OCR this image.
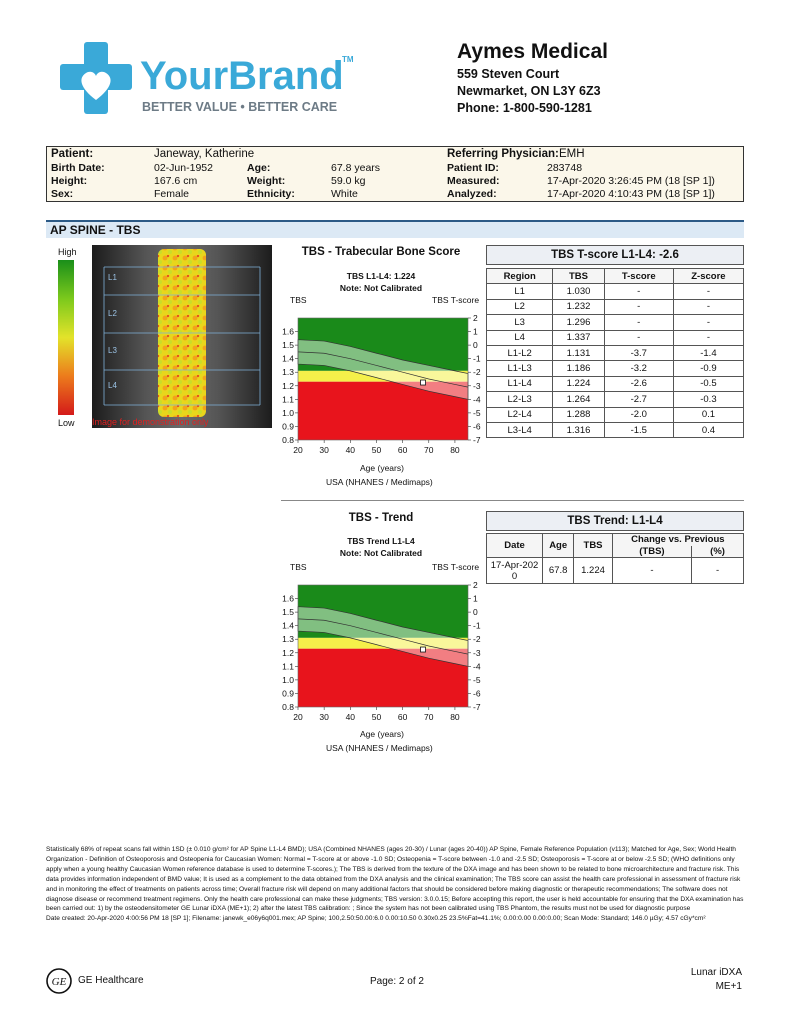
YourBrand
TM
BETTER VALUE • BETTER CARE
Aymes Medical
559 Steven Court
Newmarket, ON L3Y 6Z3
Phone: 1-800-590-1281
Patient:	Janeway, Katherine
Birth Date:	02-Jun-1952	Age:	67.8 years
Height:	167.6 cm	Weight:	59.0 kg
Sex:	Female	Ethnicity:	White
Referring Physician: EMH
Patient ID:	283748
Measured:	17-Apr-2020 3:26:45 PM (18 [SP 1])
Analyzed:	17-Apr-2020 4:10:43 PM (18 [SP 1])
AP SPINE - TBS
High
Low
L1
L2
L3
L4
Image for demonstration only
TBS - Trabecular Bone Score
TBS L1-L4: 1.224
Note: Not Calibrated
TBS	TBS T-score
20 30 40 50 60 70 80
0.8
0.9
1.0
1.1
1.2
1.3
1.4
1.5
1.6
-7
-6
-5
-4
-3
-2
-1
0
1
2
Age (years)
USA (NHANES / Medimaps)
TBS T-score L1-L4: -2.6
Region	TBS	T-score	Z-score
L1	1.030	-	-
L2	1.232	-	-
L3	1.296	-	-
L4	1.337	-	-
L1-L2	1.131	-3.7	-1.4
L1-L3	1.186	-3.2	-0.9
L1-L4	1.224	-2.6	-0.5
L2-L3	1.264	-2.7	-0.3
L2-L4	1.288	-2.0	0.1
L3-L4	1.316	-1.5	0.4
TBS - Trend
TBS Trend L1-L4
Note: Not Calibrated
TBS	TBS T-score
20 30 40 50 60 70 80
0.8
0.9
1.0
1.1
1.2
1.3
1.4
1.5
1.6
-7
-6
-5
-4
-3
-2
-1
0
1
2
Age (years)
USA (NHANES / Medimaps)
TBS Trend: L1-L4
Date	Age	TBS	Change vs. Previous	
			(TBS)	(%)
17-Apr-2020	67.8	1.224	-	-
Statistically 68% of repeat scans fall within 1SD (± 0.010 g/cm² for AP Spine L1-L4 BMD); USA (Combined NHANES (ages 20-30) / Lunar (ages 20-40)) AP Spine, Female Reference Population (v113); Matched for Age, Sex; World Health Organization - Definition of Osteoporosis and Osteopenia for Caucasian Women: Normal = T-score at or above -1.0 SD; Osteopenia = T-score between -1.0 and -2.5 SD; Osteoporosis = T-score at or below -2.5 SD; (WHO definitions only apply when a young healthy Caucasian Women reference database is used to determine T-scores.); The TBS is derived from the texture of the DXA image and has been shown to be related to bone microarchitecture and fracture risk. This data provides information independent of BMD value; It is used as a complement to the data obtained from the DXA analysis and the clinical examination; The TBS score can assist the health care professional in assessment of fracture risk and in monitoring the effect of treatments on patients across time; Overall fracture risk will depend on many additional factors that should be considered before making diagnostic or therapeutic recommendations; The software does not diagnose disease or recommend treatment regimens. Only the health care professional can make these judgments; TBS version: 3.0.0.15; Before accepting this report, the user is held accountable for ensuring that the DXA examination has been carried out: 1) by the osteodensitometer GE Lunar iDXA (ME+1); 2) after the latest TBS calibration: ; Since the system has not been calibrated using TBS Phantom, the results must not be used for diagnostic purpose
Date created: 20-Apr-2020 4:00:56 PM 18 [SP 1]; Filename: janewk_e06y6q001.mex; AP Spine; 100,2.50:50.00:6.0 0.00:10.50 0.30x0.25 23.5%Fat=41.1%; 0.00:0.00 0.00:0.00; Scan Mode: Standard; 146.0 µGy; 4.57 cGy*cm²
GE GE Healthcare	Page: 2 of 2
Lunar iDXA
ME+1
